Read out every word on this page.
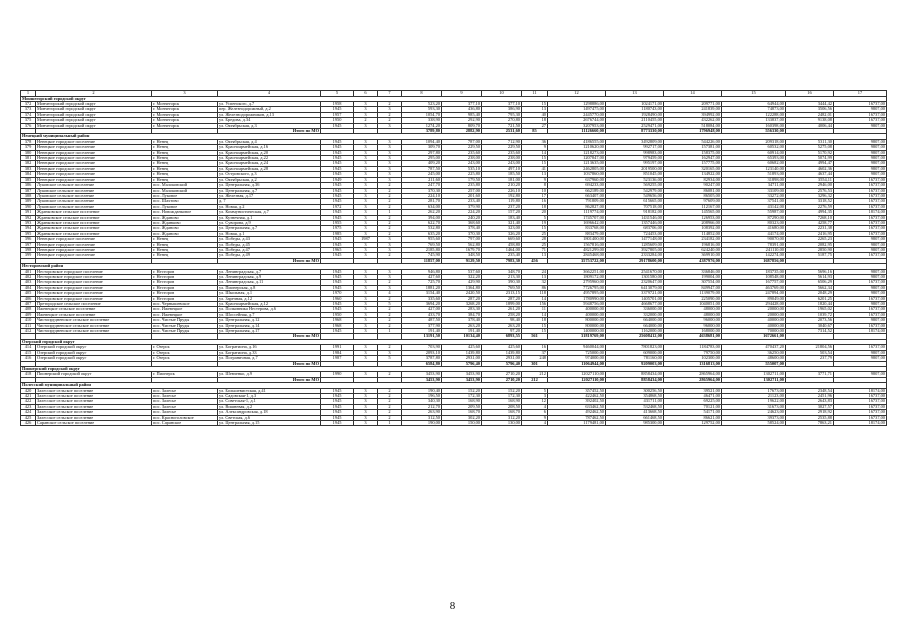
1	2	3	4	5	6	7	8	9	10	11	12	13	14	15	16	17
Моншегорский городской округ																
372	Мончегорский городской округ	г. Мончегорск	ул. Успенского, д.7	1958	3	2	523,20	377,10	377,10	15	1298886,00	1024171,00	209771,00	64944,00	3444,42	16737,00
373	Мончегорский городской округ	г. Мончегорск	пер. Железнодорожный, д.2	1945	3	3	593,30	436,80	386,90	13	1497475,00	1180743,00	241839,00	74873,00	3506,56	9807,00
374	Мончегорский городской округ	г. Мончегорск	ул. Железнодорожников, д.13	1957	3	2	1054,70	985,40	795,30	40	2445770,00	1928490,00	394992,00	122288,00	2482,01	16737,00
375	Мончегорский городской округ	г. Мончегорск	ул. Бредова, д.34	1950	2	2	338,90	292,90	270,80	18	2676744,00	2110455,00	432262,00	133837,00	9138,08	16737,00
376	Мончегорский городской округ	г. Мончегорск	ул. Октябрьская, д.3	1945	3	3	1274,20	809,70	721,50	27	3207953,00	2529471,00	518084,00	160398,00	4006,44	9807,00
			Итого по МО				3789,80	2882,90	2531,60	85	11126660,00	8773330,00	1796948,00	556330,00		
Ненецкий муниципальный район																
378	Ненецкое городское поселение	г. Ненец	ул. Октябрьская, д.4	1945	3	3	1094,40	787,00	712,90	36	4186555,00	3492809,00	544226,00	209318,00	5311,30	9807,00
379	Ненецкое городское поселение	г. Ненец	ул. Красноармейская, д.16	1945	3	3	309,70	229,50	229,50	9	1210620,00	992717,00	157381,00	60532,00	5275,08	9807,00
380	Ненецкое городское поселение	г. Ненец	ул. Красноармейская, д.20	1945	3	3	297,80	235,60	235,60	14	1218273,00	998983,00	158375,00	60914,00	5170,92	9807,00
381	Ненецкое городское поселение	г. Ненец	ул. Красноармейская, д.22	1945	3	3	295,00	238,00	238,00	15	1207847,00	979459,00	162947,00	65393,00	5074,99	9807,00
382	Ненецкое городское поселение	г. Ненец	ул. Красноармейская, д.24	1945	3	3	409,20	243,00	243,00	15	1213635,00	995197,00	157775,00	60682,00	4994,47	9807,00
383	Ненецкое городское поселение	г. Ненец	ул. Красноармейская, д.28	1945	3	3	787,50	535,10	497,10	41	2462805,00	2019500,00	320165,00	123140,00	4602,36	9807,00
384	Ненецкое городское поселение	г. Ненец	ул. Островского, д.3	1945	3	3	245,00	225,80	185,50	13	1037860,00	851045,00	134922,00	51893,00	4637,44	9807,00
385	Ненецкое городское поселение	г. Ненец	ул. Октябрьская, д.2	1949	3	3	211,60	179,50	181,00	9	637960,00	523136,00	82934,00	31898,00	3554,11	16737,00
386	Луковское сельское поселение	пос. Малоковский	ул. Центральная, д.36	1945	3	2	247,70	235,80	210,20	8	694233,00	569255,00	90247,00	34711,00	2946,00	16737,00
387	Луковское сельское поселение	пос. Малоковский	ул. Центральная, д.7	1945	3	2	370,30	257,00	226,10	10	662189,00	542979,00	86081,00	33109,00	2576,53	16737,00
388	Луковское сельское поселение	пос. Луковое	ул. Железная, д.17	1945	3	2	224,10	201,60	192,80	17	663407,00	549656,00	86505,00	33272,00	3296,32	16737,00
389	Луковское сельское поселение	пос. Шахтово	д. 7	1945	3	2	281,70	233,40	119,80	16	791809,00	615665,00	97609,00	37541,00	3318,52	16737,00
390	Луковское сельское поселение	пос. Луковое	ул. Новая, д.2	1972	3	2	634,00	379,90	237,20	18	862827,00	707518,00	112167,00	43142,00	2276,59	16737,00
391	Жданковское сельское поселение	пос. Новожданковое	ул. Коммунистическая, д.7	1945	3	1	262,20	224,20	157,20	20	1119774,00	918182,00	145565,00	55987,00	4994,35	18174,00
392	Жданковское сельское поселение	пос. Жданово	ул. Кузнечная, д.1	1945	3	2	394,00	240,20	183,40	5	1745707,00	1431546,00	126953,00	87290,00	7268,10	16737,00
393	Жданковское сельское поселение	пос. Жданково	ул. Суворова, д.9	1955	3	2	622,70	368,60	321,40	19	1696642,00	1357446,00	208966,00	80323,00	4258,77	16737,00
394	Жданковское сельское поселение	пос. Жданово	ул. Центральная, д.7	1975	3	2	532,80	378,40	323,00	15	833768,00	683706,00	108392,00	41680,00	2231,38	16737,00
395	Жданковское сельское поселение	пос. Жданово	ул. Новая, д.1	1985	3	2	635,20	370,30	326,20	25	883479,00	724453,00	114852,00	44174,00	2416,95	16737,00
396	Ненецкое городское поселение	г. Ненец	ул. Победы, д.43	1945	1987	3	955,60	797,00	669,60	28	1801400,00	1477148,00	234182,00	90070,00	2265,23	9807,00
397	Ненецкое городское поселение	г. Ненец	ул. Победы, д.45	1945	3	3	769,50	562,80	458,80	25	1567816,00	1285609,00	196816,00	78391,00	2082,95	9807,00
398	Ненецкое городское поселение	г. Ненец	ул. Победы, д.47	1965	3	3	2185,80	1679,70	1464,00	71	4821299,00	3927805,00	624240,00	241110,00	2850,90	9807,00
399	Ненецкое городское поселение	г. Ненец	ул. Победы, д.49	1945	3	2	745,90	348,50	235,40	13	2845468,00	2333284,00	369910,00	142274,00	5187,75	16737,00
			Итого по МО				11857,00	9129,50	7983,30	456	35753722,00	29178600,00	4387976,00	1687856,00		
Несторовский район																
401	Несторовское городское поселение	г. Несторов	ул. Ленинградская, д.7	1945	3	3	946,80	537,60	348,70	24	3662251,00	2541670,00	336846,00	183735,00	5696,16	9807,00
402	Несторовское городское поселение	г. Несторов	ул. Ленинградская, д.9	1945	3	3	427,60	322,20	213,30	13	1809172,00	1301580,00	199004,00	108548,00	5614,93	9807,00
403	Несторовское городское поселение	г. Несторов	ул. Ленинградская, д.11	1945	3	2	725,70	429,90	390,30	32	2795960,00	2320647,00	307554,00	167757,00	6506,29	16737,00
404	Несторовское городское поселение	г. Несторов	ул. Пионерская, д.8	1945	3	3	1881,20	1364,80	769,50	86	7726795,00	6413079,00	849947,00	463769,00	5662,34	9807,00
405	Несторовское городское поселение	г. Несторов	ул. Школьная, д.1	1970	3	4	3154,40	2420,50	2313,15	118	4957895,00	3379721,00	1139079,00	247894,00	2048,29	9807,00
406	Несторовское городское поселение	г. Несторов	ул. Заречная, д.12	1960	3	2	335,60	287,20	287,20	14	1780990,00	1405701,00	225090,00	89049,00	6201,25	16737,00
407	Претородское сельское поселение	пос. Чернышевское	ул. Красноармейская, д.12	1945	3	5	3694,20	3268,20	1899,00	156	5948756,00	4668677,00	1040051,00	294428,00	1820,44	9807,00
408	Ижевецкое сельское поселение	пос. Ижевецкое	ул. Полковника Нестерова, д.6	1945	3	2	427,00	283,30	261,20	11	400000,00	336000,00	48000,00	20000,00	1965,02	16737,00
409	Ижевецкое сельское поселение	пос. Ижевецкое	ул. Шоссейная, д.7	1950	3	2	433,70	384,70	258,20	14	400000,00	332000,00	48000,00	20000,00	1039,72	16737,00
410	Чистопрудненское сельское поселение	пос. Чистые Пруды	ул. Центральная, д.12	1968	3	2	487,50	378,40	98,40	18	800000,00	664000,00	96000,00	40000,00	2073,56	9807,00
411	Чистопрудненское сельское поселение	пос. Чистые Пруды	ул. Центральная, д.14	1968	3	2	377,90	263,20	263,20	15	800000,00	664000,00	96000,00	40000,00	3040,67	16737,00
412	Чистопрудненское сельское поселение	пос. Чистые Пруды	ул. Центральная, д.17	1945	3	1	191,40	191,40	97,20	15	1400000,00	1162000,00	168000,00	70000,00	7314,52	18174,00
			Итого по МО				13191,50	10134,40	6893,55	561	31819769,00	25608412,00	4638681,00	1672661,00		
Озерский городской округ																
414	Озерский городской округ	г. Озерск	ул. Богратиона, д.16	1991	3	2	703,90	425,60	425,60	16	9460044,00	7801823,00	1184783,00	470437,20	21804,56	16737,00
415	Озерский городской округ	г. Озерск	ул. Богратиона, д.33	1984	3	3	2093,10	1439,80	1439,80	37	725000,00	609000,00	79750,00	36250,00	503,54	9807,00
416	Озерский городской округ	г. Озерск	ул. Пограничная, д.7	1987	3	5	3787,80	2931,00	2931,00	248	974000,00	781160,00	102300,00	48600,00	237,79	9807,00
			Итого по МО				6584,80	5796,40	5796,40	301	11064944,00	9209003,00	1316813,00	555007,00		
Пионерский городской округ																
418	Пионерский городской округ	г. Пионерск	ул. Шевченко, д.9	1990	3	2	3453,90	3453,90	2710,20	212	12027110,00	8858434,00	2865964,00	1302711,00	3771,71	9807,00
			Итого по МО				3453,90	3453,90	2710,20	212	12027110,00	8858434,00	2865964,00	1302711,00		
Полесский муниципальный район																
420	Залесское сельское поселение	пос. Залесье	ул. Большевистская, д.41	1945	3	2	190,40	152,20	152,20	5	357452,50	300256,50	39521,00	17673,00	2348,54	18174,00
421	Залесское сельское поселение	пос. Залесье	ул. Садовская-1, д.3	1945	3	2	196,50	172,30	172,30	3	422462,50	354868,50	46471,00	21123,00	2451,96	16737,00
422	Залесское сельское поселение	пос. Залесье	ул. Советская-1, д.1	1945	3	2	340,30	168,90	168,90	12	392402,50	431711,00	69225,00	19622,00	2643,83	16737,00
423	Залесское сельское поселение	пос. Залесье	ул. Вишневая, д.2	1945	3	2	212,70	209,50	208,50	4	633462,50	532468,50	70121,00	31673,00	3027,57	16737,00
424	Залесское сельское поселение	пос. Залесье	ул. Александровская, д.18	1945	3	2	263,90	168,70	168,70	6	492462,50	413668,50	54171,00	24623,00	2918,92	16737,00
425	Залесское сельское поселение	пос. Красноголовское	ул. Светская, д.6	1945	3	2	312,50	302,20	312,20	9	787462,50	661468,50	86621,00	39373,00	2535,88	16737,00
426	Саранское сельское поселение	пос. Саранское	ул. Центральная, д.15	1945	3	1	190,00	150,00	130,00	4	1179481,00	985300,00	129752,00	58524,00	7863,21	18174,00
8
